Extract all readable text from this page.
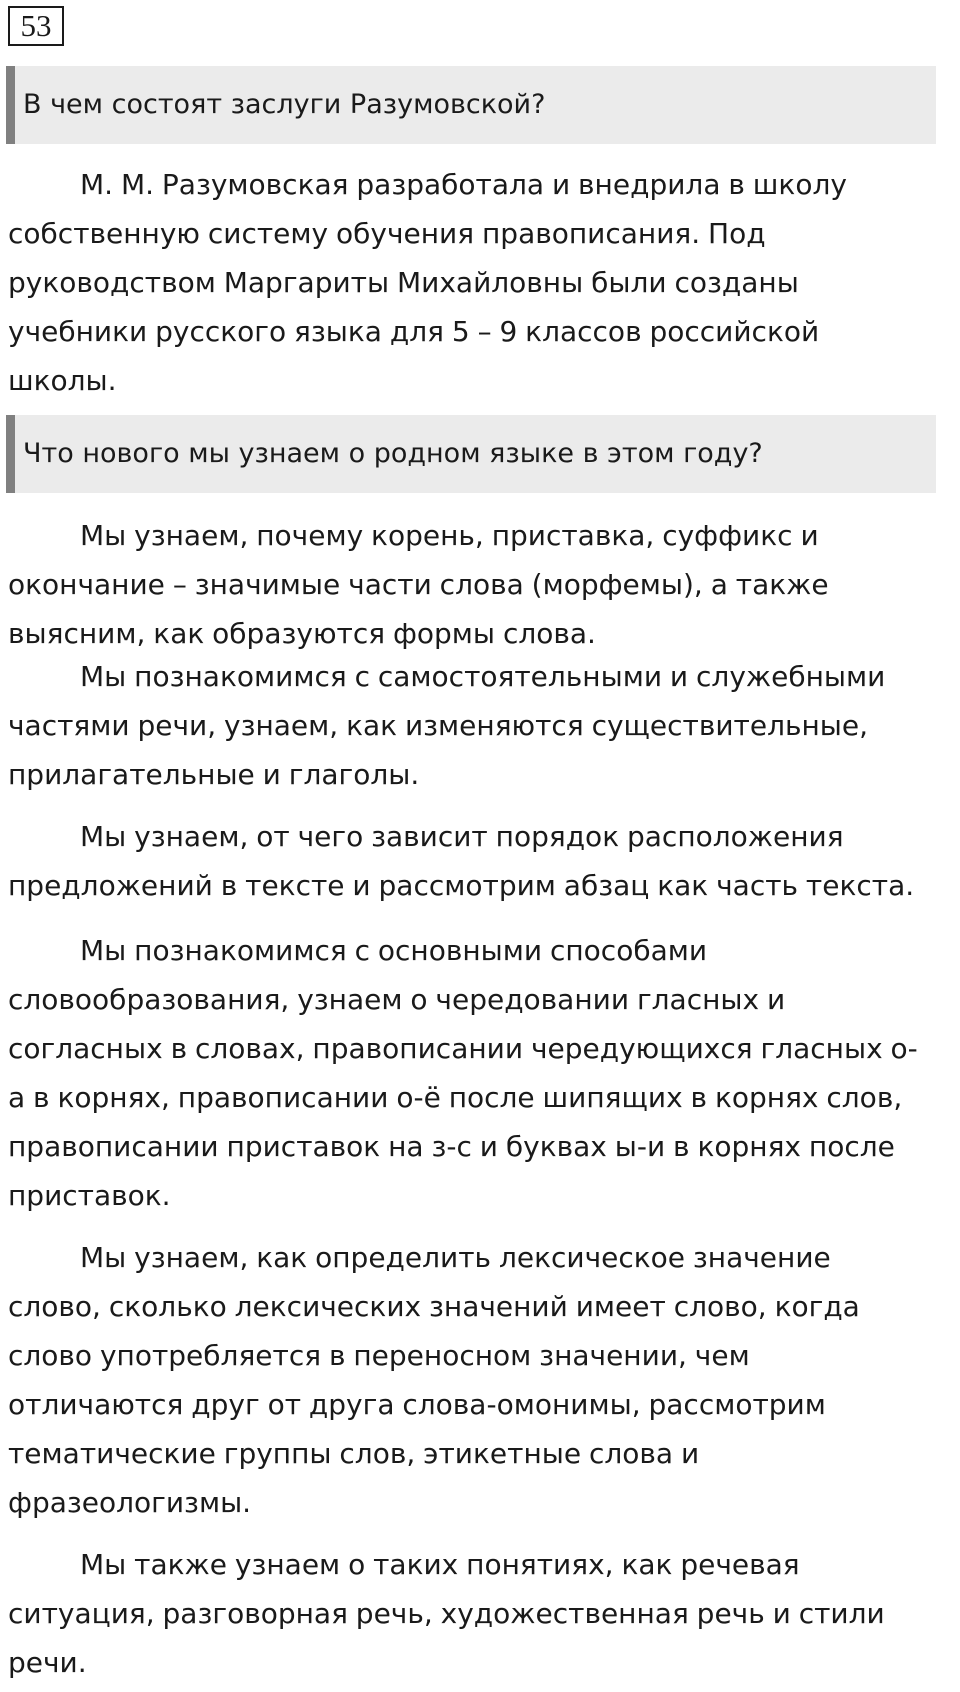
53
В чем состоят заслуги Разумовской?

М. М. Разумовская разработала и внедрила в школу
собственную систему обучения правописания. Под
руководством Маргариты Михайловны были созданы
учебники русского языка для 5 – 9 классов российской
школы.

Что нового мы узнаем о родном языке в этом году?

Мы узнаем, почему корень, приставка, суффикс и
окончание – значимые части слова (морфемы), а также
выясним, как образуются формы слова.

Мы познакомимся с самостоятельными и служебными
частями речи, узнаем, как изменяются существительные,
прилагательные и глаголы.

Мы узнаем, от чего зависит порядок расположения
предложений в тексте и рассмотрим абзац как часть текста.

Мы познакомимся с основными способами
словообразования, узнаем о чередовании гласных и
согласных в словах, правописании чередующихся гласных о-
а в корнях, правописании о-ё после шипящих в корнях слов,
правописании приставок на з-с и буквах ы-и в корнях после
приставок.

Мы узнаем, как определить лексическое значение
слово, сколько лексических значений имеет слово, когда
слово употребляется в переносном значении, чем
отличаются друг от друга слова-омонимы, рассмотрим
тематические группы слов, этикетные слова и
фразеологизмы.

Мы также узнаем о таких понятиях, как речевая
ситуация, разговорная речь, художественная речь и стили
речи.
